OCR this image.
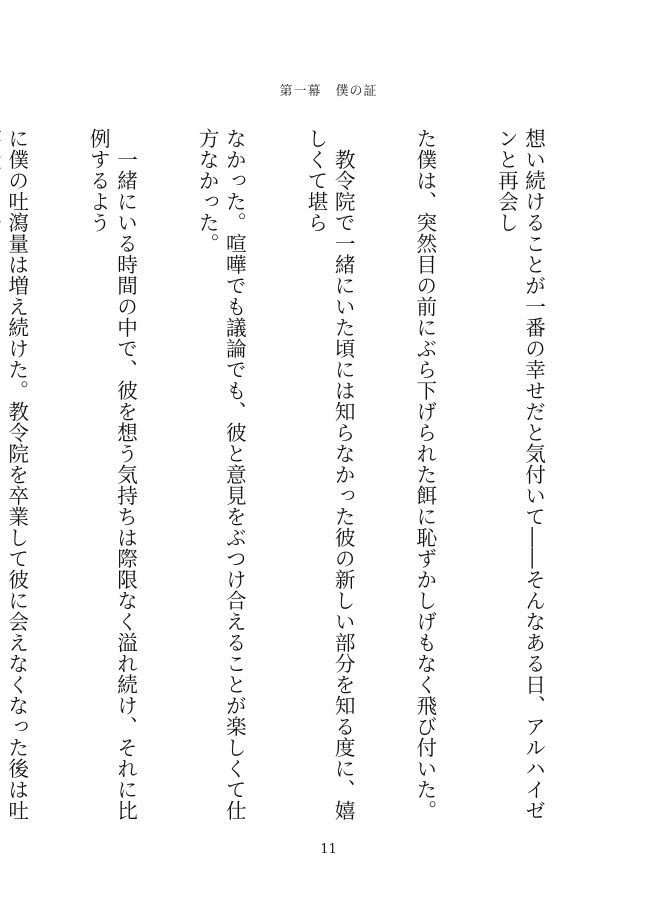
第一幕　僕の証

想い続けることが一番の幸せだと気付いて――そんなある日、アルハイゼンと再会し

た僕は、突然目の前にぶら下げられた餌に恥ずかしげもなく飛び付いた。

　教令院で一緒にいた頃には知らなかった彼の新しい部分を知る度に、嬉しくて堪ら

なかった。喧嘩でも議論でも、彼と意見をぶつけ合えることが楽しくて仕方なかった。

　一緒にいる時間の中で、彼を想う気持ちは際限なく溢れ続け、それに比例するよう

に僕の吐瀉量は増え続けた。教令院を卒業して彼に会えなくなった後は吐

11
